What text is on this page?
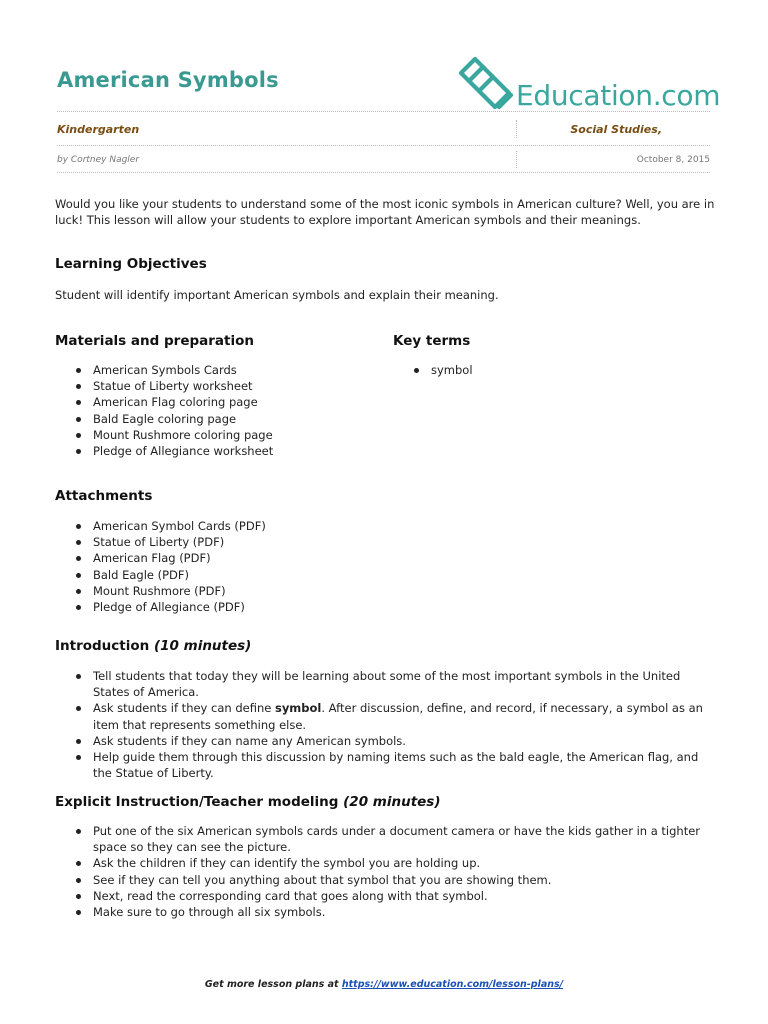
American Symbols	Education.com
Kindergarten	Social Studies,
by Cortney Nagler	October 8, 2015
Would you like your students to understand some of the most iconic symbols in American culture? Well, you are in luck! This lesson will allow your students to explore important American symbols and their meanings.
Learning Objectives
Student will identify important American symbols and explain their meaning.
Materials and preparation
American Symbols Cards
Statue of Liberty worksheet
American Flag coloring page
Bald Eagle coloring page
Mount Rushmore coloring page
Pledge of Allegiance worksheet
Key terms
symbol
Attachments
American Symbol Cards (PDF)
Statue of Liberty (PDF)
American Flag (PDF)
Bald Eagle (PDF)
Mount Rushmore (PDF)
Pledge of Allegiance (PDF)
Introduction (10 minutes)
Tell students that today they will be learning about some of the most important symbols in the United States of America.
Ask students if they can define symbol. After discussion, define, and record, if necessary, a symbol as an item that represents something else.
Ask students if they can name any American symbols.
Help guide them through this discussion by naming items such as the bald eagle, the American flag, and the Statue of Liberty.
Explicit Instruction/Teacher modeling (20 minutes)
Put one of the six American symbols cards under a document camera or have the kids gather in a tighter space so they can see the picture.
Ask the children if they can identify the symbol you are holding up.
See if they can tell you anything about that symbol that you are showing them.
Next, read the corresponding card that goes along with that symbol.
Make sure to go through all six symbols.
Get more lesson plans at https://www.education.com/lesson-plans/
